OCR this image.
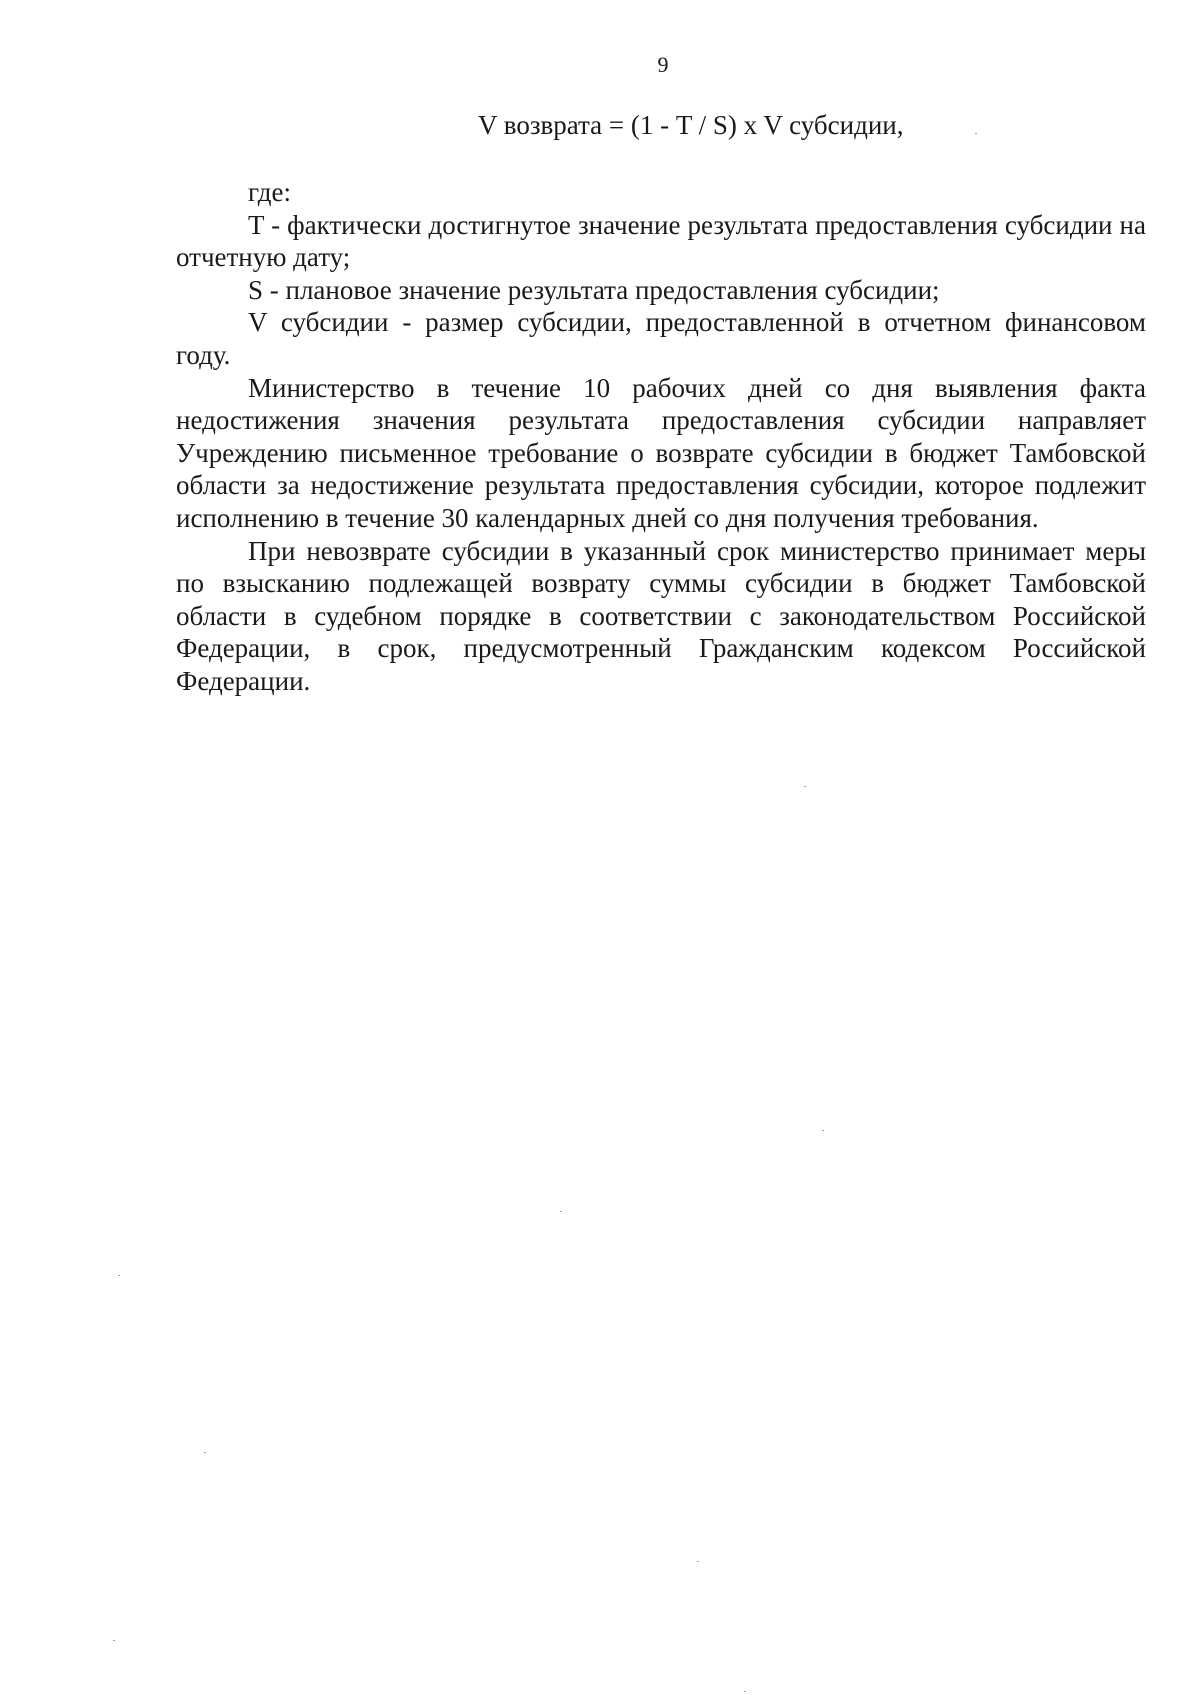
9
V возврата = (1 - T / S) x V субсидии,

где:

T - фактически достигнутое значение результата предоставления субсидии на отчетную дату;

S - плановое значение результата предоставления субсидии;

V субсидии - размер субсидии, предоставленной в отчетном финансовом году.

Министерство в течение 10 рабочих дней со дня выявления факта недостижения значения результата предоставления субсидии направляет Учреждению письменное требование о возврате субсидии в бюджет Тамбовской области за недостижение результата предоставления субсидии, которое подлежит исполнению в течение 30 календарных дней со дня получения требования.

При невозврате субсидии в указанный срок министерство принимает меры по взысканию подлежащей возврату суммы субсидии в бюджет Тамбовской области в судебном порядке в соответствии с законодательством Российской Федерации, в срок, предусмотренный Гражданским кодексом Российской Федерации.
